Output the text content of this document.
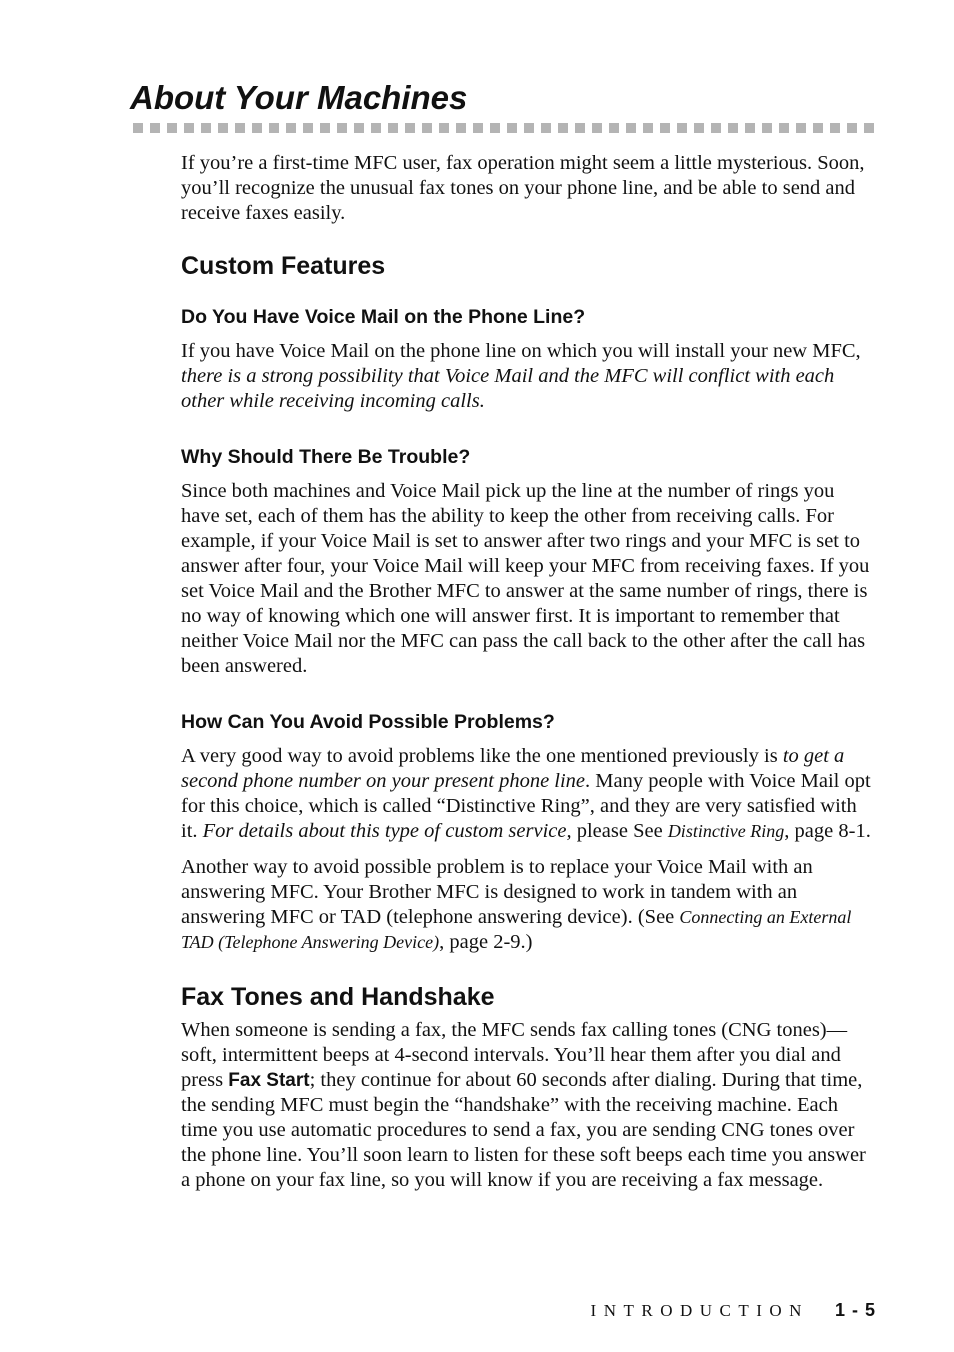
About Your Machines

If you’re a first-time MFC user, fax operation might seem a little mysterious. Soon, you’ll recognize the unusual fax tones on your phone line, and be able to send and receive faxes easily.

Custom Features
Do You Have Voice Mail on the Phone Line?

If you have Voice Mail on the phone line on which you will install your new MFC, there is a strong possibility that Voice Mail and the MFC will conflict with each other while receiving incoming calls.

Why Should There Be Trouble?

Since both machines and Voice Mail pick up the line at the number of rings you have set, each of them has the ability to keep the other from receiving calls. For example, if your Voice Mail is set to answer after two rings and your MFC is set to answer after four, your Voice Mail will keep your MFC from receiving faxes. If you set Voice Mail and the Brother MFC to answer at the same number of rings, there is no way of knowing which one will answer first. It is important to remember that neither Voice Mail nor the MFC can pass the call back to the other after the call has been answered.

How Can You Avoid Possible Problems?

A very good way to avoid problems like the one mentioned previously is to get a second phone number on your present phone line. Many people with Voice Mail opt for this choice, which is called “Distinctive Ring”, and they are very satisfied with it. For details about this type of custom service, please See Distinctive Ring, page 8-1.

Another way to avoid possible problem is to replace your Voice Mail with an answering MFC. Your Brother MFC is designed to work in tandem with an answering MFC or TAD (telephone answering device). (See Connecting an External TAD (Telephone Answering Device), page 2-9.)

Fax Tones and Handshake

When someone is sending a fax, the MFC sends fax calling tones (CNG tones)—soft, intermittent beeps at 4-second intervals. You’ll hear them after you dial and press Fax Start; they continue for about 60 seconds after dialing. During that time, the sending MFC must begin the “handshake” with the receiving machine. Each time you use automatic procedures to send a fax, you are sending CNG tones over the phone line. You’ll soon learn to listen for these soft beeps each time you answer a phone on your fax line, so you will know if you are receiving a fax message.

INTRODUCTION 1 - 5
